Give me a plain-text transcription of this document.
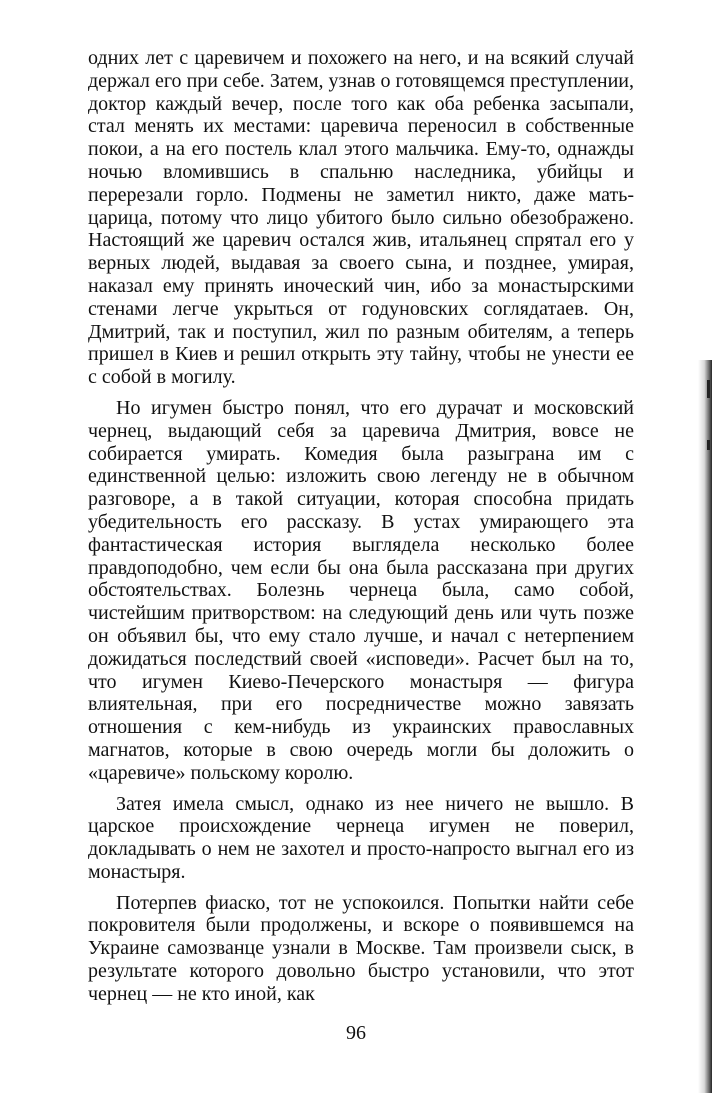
одних лет с царевичем и похожего на него, и на всякий случай держал его при себе. Затем, узнав о готовящемся преступлении, доктор каждый вечер, после того как оба ребенка засыпали, стал менять их местами: царевича переносил в собственные покои, а на его постель клал этого мальчика. Ему-то, однажды ночью вломившись в спальню наследника, убийцы и перерезали горло. Подмены не заметил никто, даже мать-царица, потому что лицо убитого было сильно обезображено. Настоящий же царевич остался жив, итальянец спрятал его у верных людей, выдавая за своего сына, и позднее, умирая, наказал ему принять иноческий чин, ибо за монастырскими стенами легче укрыться от годуновских соглядатаев. Он, Дмитрий, так и поступил, жил по разным обителям, а теперь пришел в Киев и решил открыть эту тайну, чтобы не унести ее с собой в могилу.

Но игумен быстро понял, что его дурачат и московский чернец, выдающий себя за царевича Дмитрия, вовсе не собирается умирать. Комедия была разыграна им с единственной целью: изложить свою легенду не в обычном разговоре, а в такой ситуации, которая способна придать убедительность его рассказу. В устах умирающего эта фантастическая история выглядела несколько более правдоподобно, чем если бы она была рассказана при других обстоятельствах. Болезнь чернеца была, само собой, чистейшим притворством: на следующий день или чуть позже он объявил бы, что ему стало лучше, и начал с нетерпением дожидаться последствий своей «исповеди». Расчет был на то, что игумен Киево-Печерского монастыря — фигура влиятельная, при его посредничестве можно завязать отношения с кем-нибудь из украинских православных магнатов, которые в свою очередь могли бы доложить о «царевиче» польскому королю.

Затея имела смысл, однако из нее ничего не вышло. В царское происхождение чернеца игумен не поверил, докладывать о нем не захотел и просто-напросто выгнал его из монастыря.

Потерпев фиаско, тот не успокоился. Попытки найти себе покровителя были продолжены, и вскоре о появившемся на Украине самозванце узнали в Москве. Там произвели сыск, в результате которого довольно быстро установили, что этот чернец — не кто иной, как

96
